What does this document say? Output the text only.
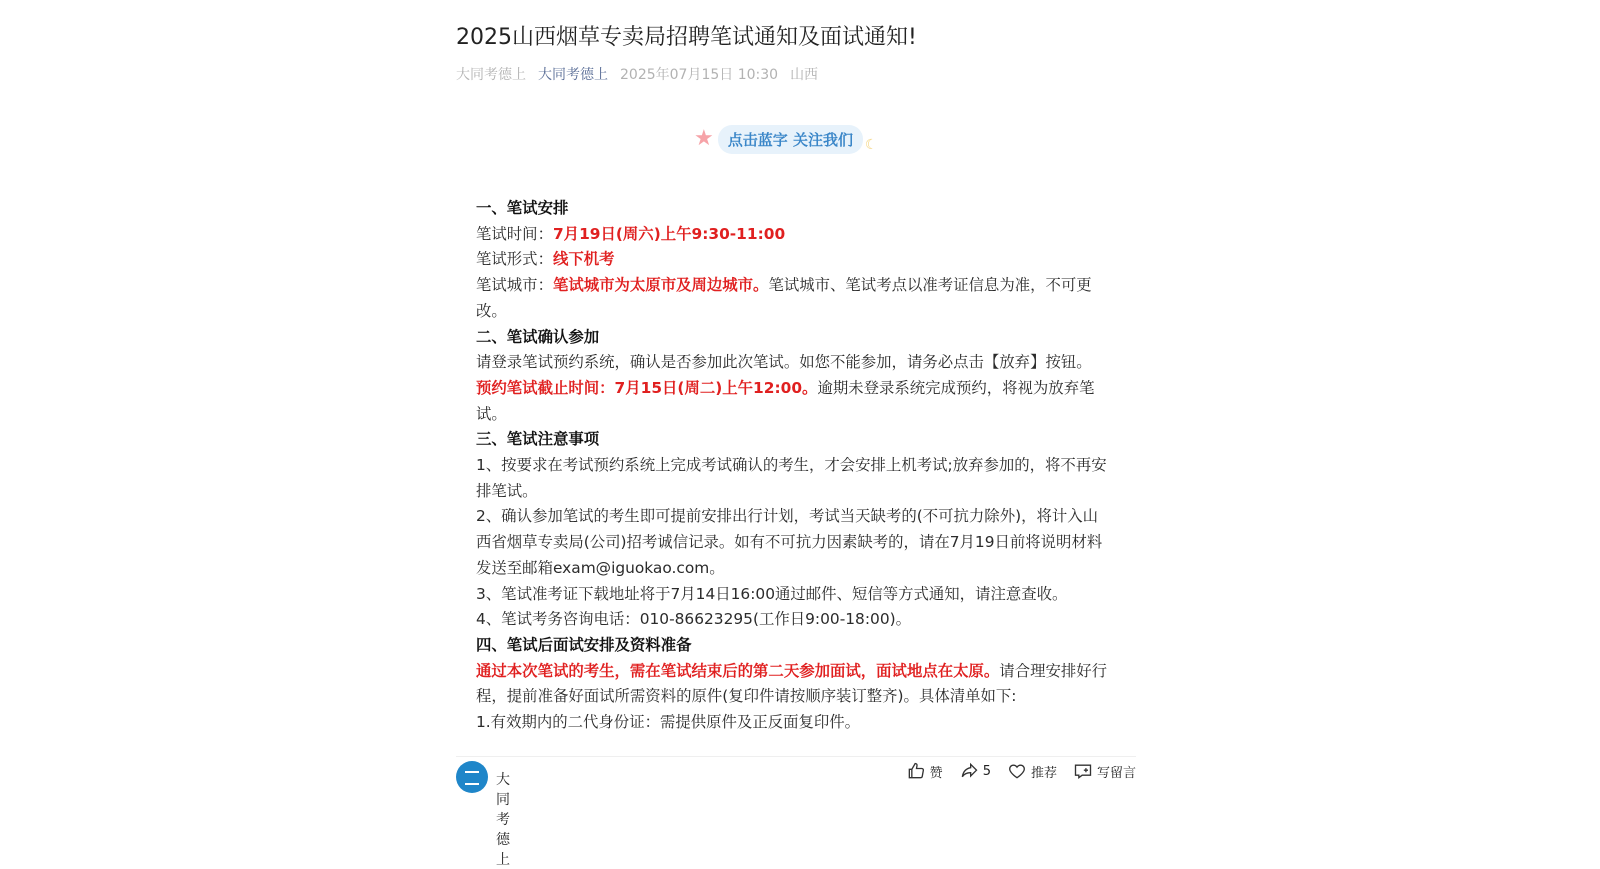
2025山西烟草专卖局招聘笔试通知及面试通知!
大同考德上 大同考德上 2025年07月15日 10:30 山西
★ 点击蓝字 关注我们 ☾

一、笔试安排

笔试时间：7月19日(周六)上午9:30-11:00

笔试形式：线下机考

笔试城市：笔试城市为太原市及周边城市。笔试城市、笔试考点以准考证信息为准，不可更改。

二、笔试确认参加

请登录笔试预约系统，确认是否参加此次笔试。如您不能参加，请务必点击【放弃】按钮。

预约笔试截止时间：7月15日(周二)上午12:00。逾期未登录系统完成预约，将视为放弃笔试。

三、笔试注意事项

1、按要求在考试预约系统上完成考试确认的考生，才会安排上机考试;放弃参加的，将不再安排笔试。

2、确认参加笔试的考生即可提前安排出行计划，考试当天缺考的(不可抗力除外)，将计入山西省烟草专卖局(公司)招考诚信记录。如有不可抗力因素缺考的，请在7月19日前将说明材料发送至邮箱exam@iguokao.com。

3、笔试准考证下载地址将于7月14日16:00通过邮件、短信等方式通知，请注意查收。

4、笔试考务咨询电话：010-86623295(工作日9:00-18:00)。

四、笔试后面试安排及资料准备

通过本次笔试的考生，需在笔试结束后的第二天参加面试，面试地点在太原。请合理安排好行程，提前准备好面试所需资料的原件(复印件请按顺序装订整齐)。具体清单如下:

1.有效期内的二代身份证：需提供原件及正反面复印件。

大同考德上
赞	5	推荐	写留言
